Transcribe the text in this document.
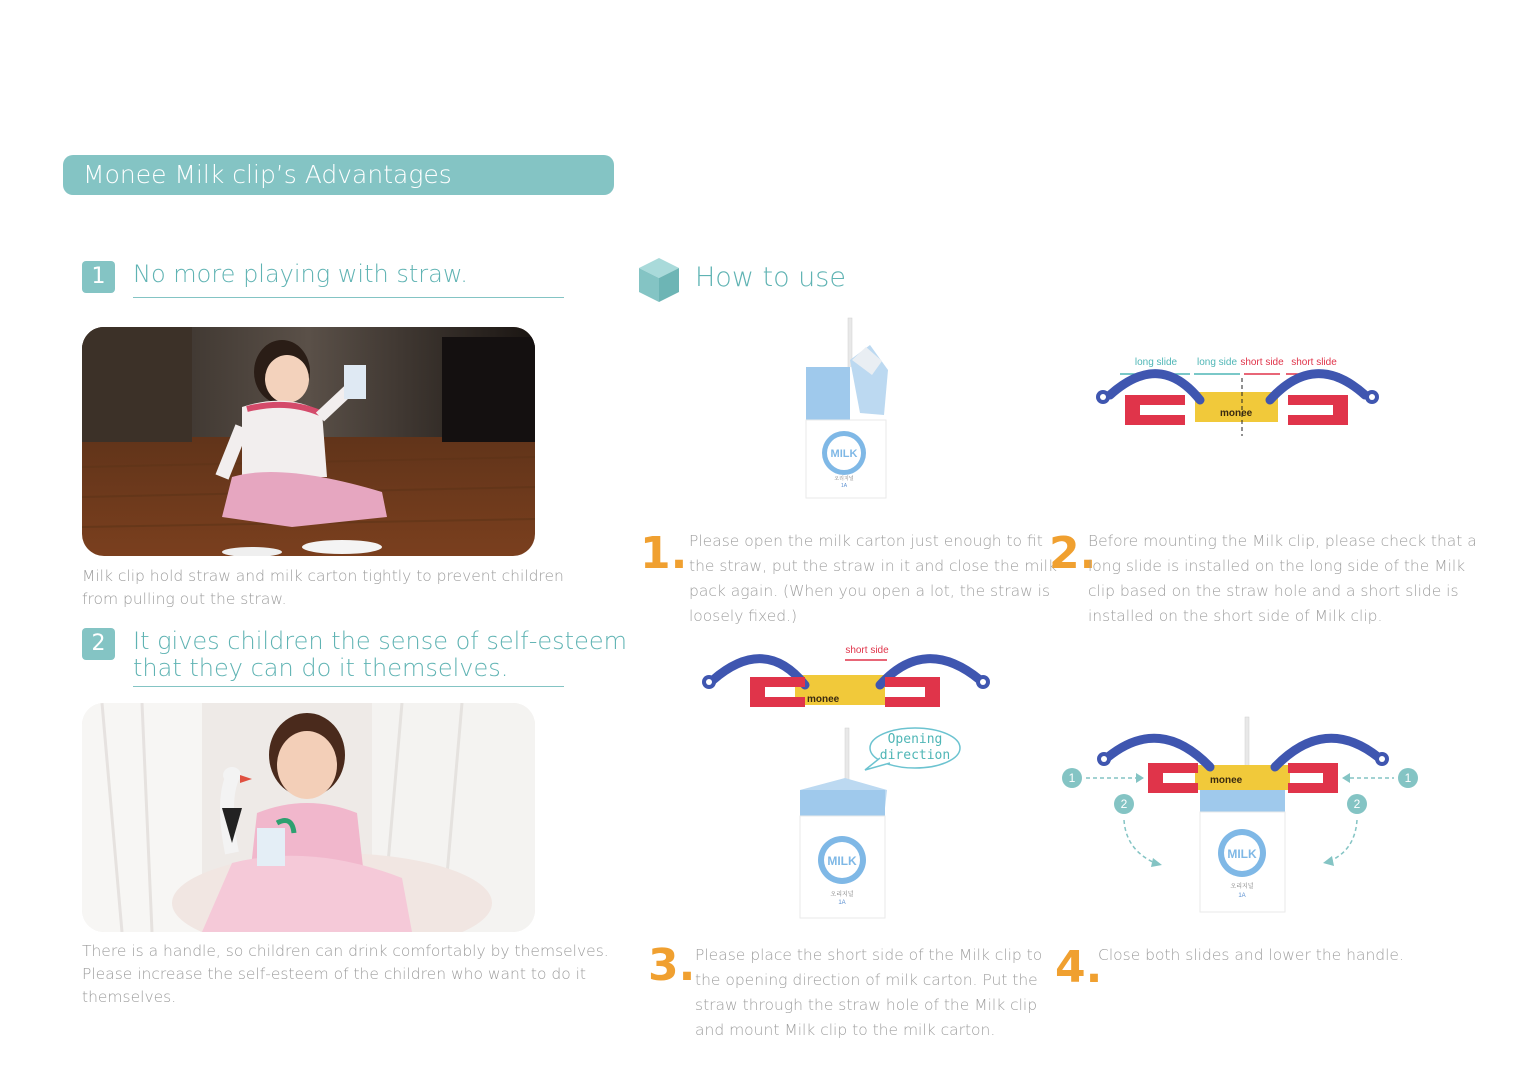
Monee Milk clip’s Advantages
1	No more playing with straw.
Milk clip hold straw and milk carton tightly to prevent children
from pulling out the straw.
2	It gives children the sense of self-esteem
that they can do it themselves.
There is a handle, so children can drink comfortably by themselves.
Please increase the self-esteem of the children who want to do it
themselves.
How to use
MILK
오리지널
1A
long slide long side short side short slide
monee
1. Please open the milk carton just enough to fit
the straw, put the straw in it and close the milk
pack again. (When you open a lot, the straw is
loosely fixed.)
2.
Before mounting the Milk clip, please check that a
long slide is installed on the long side of the Milk
clip based on the straw hole and a short slide is
installed on the short side of Milk clip.
short side
monee
Opening
direction
MILK
오리지널
1A
MILK
오리지널
1A
monee
1	1
2	2
3. Please place the short side of the Milk clip to
the opening direction of milk carton. Put the
straw through the straw hole of the Milk clip
and mount Milk clip to the milk carton.
4.
Close both slides and lower the handle.
